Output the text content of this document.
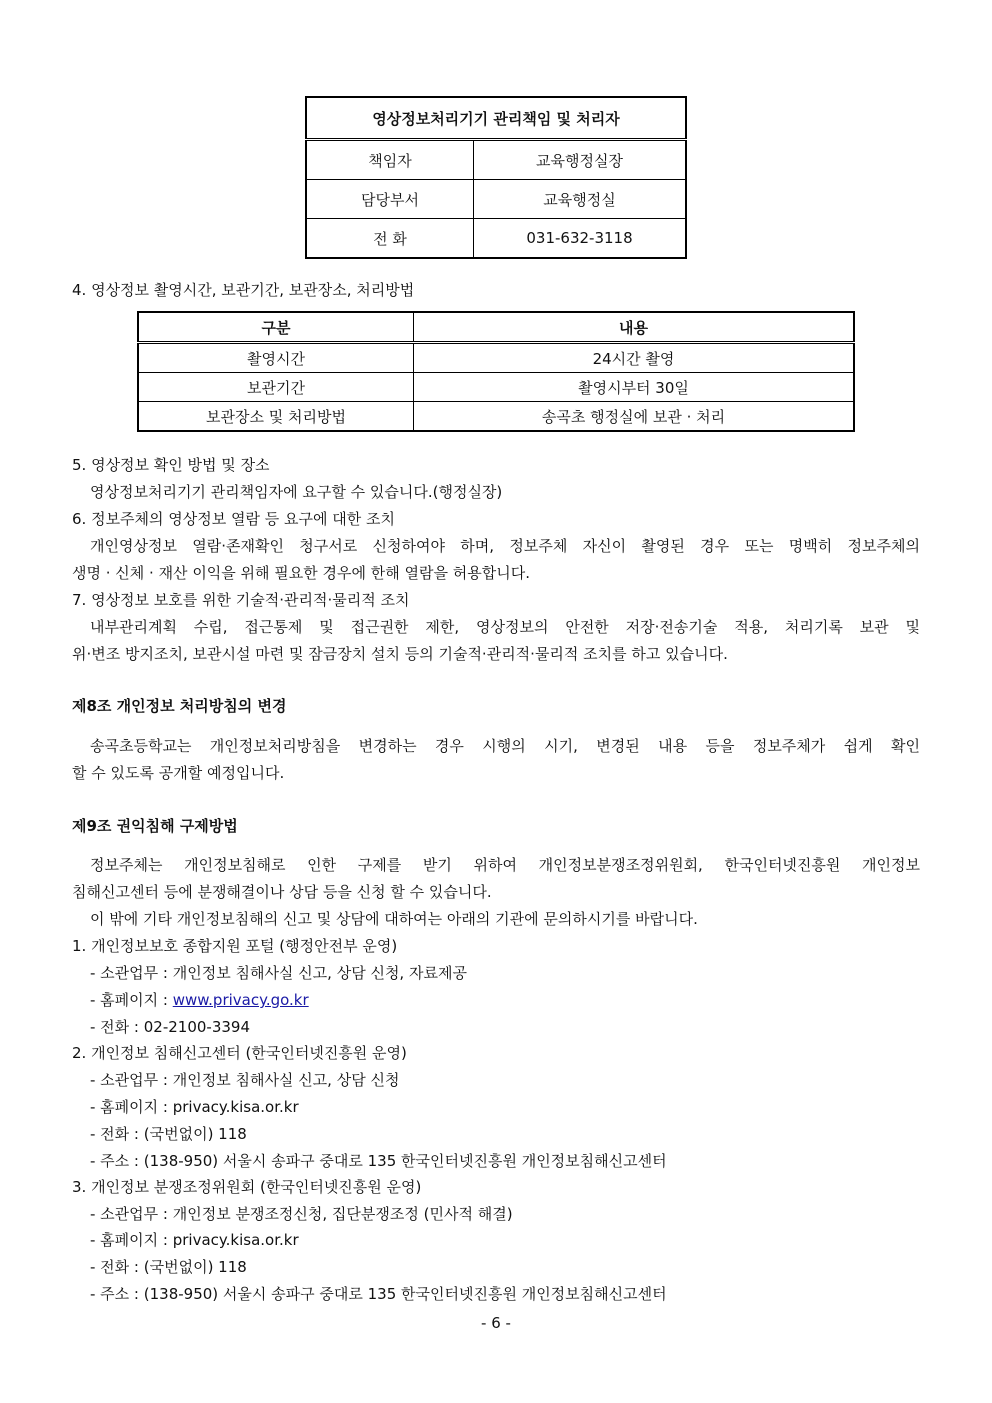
영상정보처리기기 관리책임 및 처리자	
책임자	교육행정실장
담당부서	교육행정실
전 화	031-632-3118
4. 영상정보 촬영시간, 보관기간, 보관장소, 처리방법
구분	내용
촬영시간	24시간 촬영
보관기간	촬영시부터 30일
보관장소 및 처리방법	송곡초 행정실에 보관 · 처리
5. 영상정보 확인 방법 및 장소
영상정보처리기기 관리책임자에 요구할 수 있습니다.(행정실장)
6. 정보주체의 영상정보 열람 등 요구에 대한 조치
개인영상정보 열람·존재확인 청구서로 신청하여야 하며, 정보주체 자신이 촬영된 경우 또는 명백히 정보주체의
생명 · 신체 · 재산 이익을 위해 필요한 경우에 한해 열람을 허용합니다.
7. 영상정보 보호를 위한 기술적·관리적·물리적 조치
내부관리계획 수립, 접근통제 및 접근권한 제한, 영상정보의 안전한 저장·전송기술 적용, 처리기록 보관 및
위·변조 방지조치, 보관시설 마련 및 잠금장치 설치 등의 기술적·관리적·물리적 조치를 하고 있습니다.
제8조 개인정보 처리방침의 변경
송곡초등학교는 개인정보처리방침을 변경하는 경우 시행의 시기, 변경된 내용 등을 정보주체가 쉽게 확인
할 수 있도록 공개할 예정입니다.
제9조 권익침해 구제방법
정보주체는 개인정보침해로 인한 구제를 받기 위하여 개인정보분쟁조정위원회, 한국인터넷진흥원 개인정보
침해신고센터 등에 분쟁해결이나 상담 등을 신청 할 수 있습니다.
이 밖에 기타 개인정보침해의 신고 및 상담에 대하여는 아래의 기관에 문의하시기를 바랍니다.
1. 개인정보보호 종합지원 포털 (행정안전부 운영)
- 소관업무 : 개인정보 침해사실 신고, 상담 신청, 자료제공
- 홈페이지 : www.privacy.go.kr
- 전화 : 02-2100-3394
2. 개인정보 침해신고센터 (한국인터넷진흥원 운영)
- 소관업무 : 개인정보 침해사실 신고, 상담 신청
- 홈페이지 : privacy.kisa.or.kr
- 전화 : (국번없이) 118
- 주소 : (138-950) 서울시 송파구 중대로 135 한국인터넷진흥원 개인정보침해신고센터
3. 개인정보 분쟁조정위원회 (한국인터넷진흥원 운영)
- 소관업무 : 개인정보 분쟁조정신청, 집단분쟁조정 (민사적 해결)
- 홈페이지 : privacy.kisa.or.kr
- 전화 : (국번없이) 118
- 주소 : (138-950) 서울시 송파구 중대로 135 한국인터넷진흥원 개인정보침해신고센터
- 6 -
